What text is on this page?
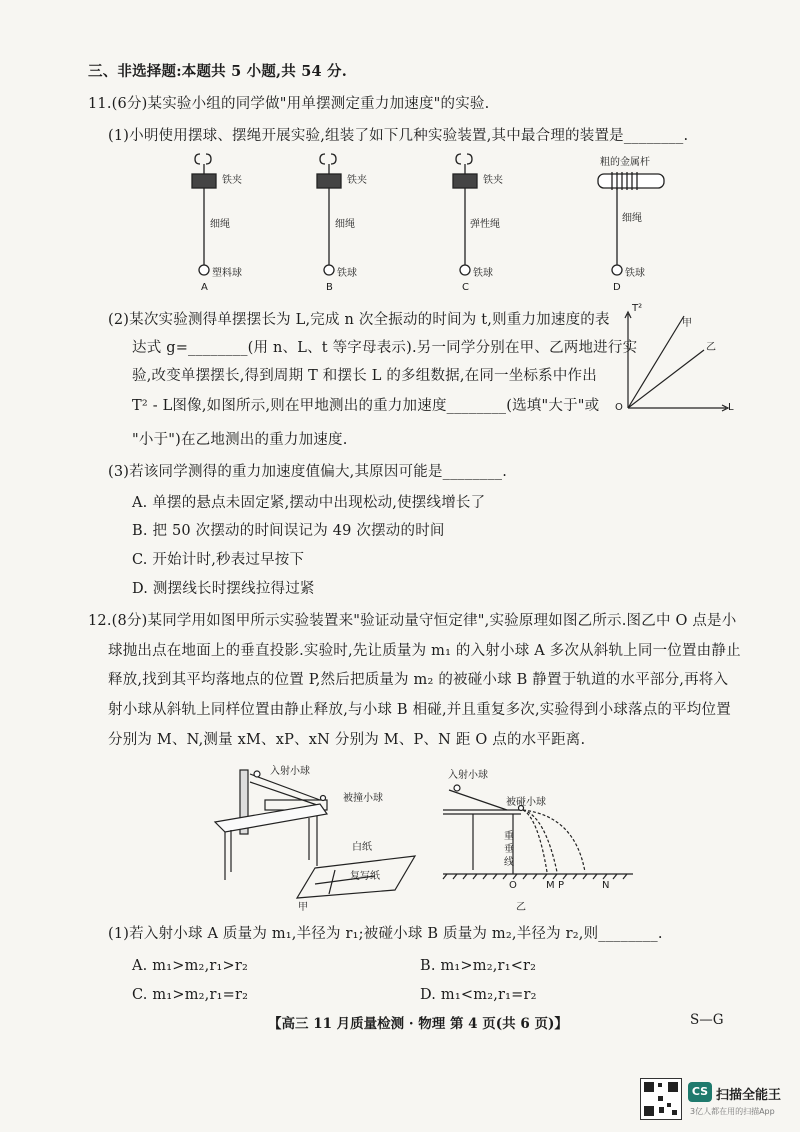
三、非选择题:本题共 5 小题,共 54 分.
11.(6分)某实验小组的同学做"用单摆测定重力加速度"的实验.
(1)小明使用摆球、摆绳开展实验,组装了如下几种实验装置,其中最合理的装置是________.
铁夹	铁夹	铁夹
粗的金属杆
细绳	细绳	弹性绳
细绳
塑料球	铁球	铁球	铁球
A	B	C	D
(2)某次实验测得单摆摆长为 L,完成 n 次全振动的时间为 t,则重力加速度的表
达式 g=________(用 n、L、t 等字母表示).另一同学分别在甲、乙两地进行实
验,改变单摆摆长,得到周期 T 和摆长 L 的多组数据,在同一坐标系中作出
T² - L图像,如图所示,则在甲地测出的重力加速度________(选填"大于"或
"小于")在乙地测出的重力加速度.
T²
L
O
甲
乙
(3)若该同学测得的重力加速度值偏大,其原因可能是________.
A. 单摆的悬点未固定紧,摆动中出现松动,使摆线增长了
B. 把 50 次摆动的时间误记为 49 次摆动的时间
C. 开始计时,秒表过早按下
D. 测摆线长时摆线拉得过紧
12.(8分)某同学用如图甲所示实验装置来"验证动量守恒定律",实验原理如图乙所示.图乙中 O 点是小
球抛出点在地面上的垂直投影.实验时,先让质量为 m₁ 的入射小球 A 多次从斜轨上同一位置由静止
释放,找到其平均落地点的位置 P,然后把质量为 m₂ 的被碰小球 B 静置于轨道的水平部分,再将入
射小球从斜轨上同样位置由静止释放,与小球 B 相碰,并且重复多次,实验得到小球落点的平均位置
分别为 M、N,测量 xM、xP、xN 分别为 M、P、N 距 O 点的水平距离.
入射小球
被撞小球
白纸
复写纸
甲
入射小球
被碰小球
重垂线
O	M P	N
乙
(1)若入射小球 A 质量为 m₁,半径为 r₁;被碰小球 B 质量为 m₂,半径为 r₂,则________.
A. m₁>m₂,r₁>r₂	B. m₁>m₂,r₁<r₂
C. m₁>m₂,r₁=r₂	D. m₁<m₂,r₁=r₂
【高三 11 月质量检测 · 物理 第 4 页(共 6 页)】	S—G
CS 扫描全能王
3亿人都在用的扫描App
